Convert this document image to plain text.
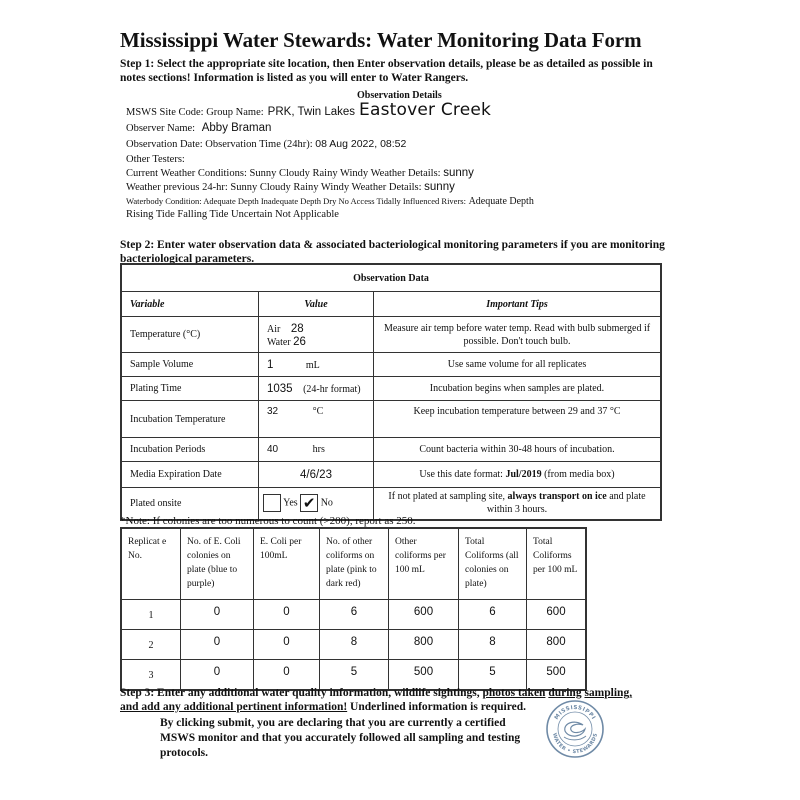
Observation Details
Mississippi Water Stewards: Water Monitoring Data Form
Step 1: Select the appropriate site location, then Enter observation details, please be as detailed as possible in notes sections! Information is listed as you will enter to Water Rangers.
MSWS Site Code: Group Name: PRK, Twin Lakes Eastover Creek
Observer Name: Abby Braman
Observation Date: Observation Time (24hr): 08 Aug 2022, 08:52
Other Testers:
Current Weather Conditions: Sunny Cloudy Rainy Windy Weather Details: sunny
Weather previous 24-hr: Sunny Cloudy Rainy Windy Weather Details: sunny
Waterbody Condition: Adequate Depth Inadequate Depth Dry No Access Tidally Influenced Rivers: Adequate Depth
Rising Tide Falling Tide Uncertain Not Applicable
Step 2: Enter water observation data & associated bacteriological monitoring parameters if you are monitoring bacteriological parameters.
Observation Data		
Variable	Value	Important Tips
Temperature (°C)	Air 28
Water 26	Measure air temp before water temp. Read with bulb submerged if possible. Don't touch bulb.
Sample Volume	1 mL	Use same volume for all replicates
Plating Time	1035 (24-hr format)	Incubation begins when samples are plated.
Incubation Temperature	32 °C	Keep incubation temperature between 29 and 37 °C
Incubation Periods	40 hrs	Count bacteria within 30-48 hours of incubation.
Media Expiration Date	4/6/23	Use this date format: Jul/2019 (from media box)
Plated onsite	Yes ✔ No	If not plated at sampling site, always transport on ice and plate within 3 hours.
*Note: If colonies are too numerous to count (>200), report as 250.
Replicat e No.	No. of E. Coli colonies on plate (blue to purple)	E. Coli per 100mL	No. of other coliforms on plate (pink to dark red)	Other coliforms per 100 mL	Total Coliforms (all colonies on plate)	Total Coliforms per 100 mL
1	0	0	6	600	6	600
2	0	0	8	800	8	800
3	0	0	5	500	5	500
Step 3: Enter any additional water quality information, wildlife sightings, photos taken during sampling,
and add any additional pertinent information! Underlined information is required.
By clicking submit, you are declaring that you are currently a certified MSWS monitor and that you accurately followed all sampling and testing protocols.
MISSISSIPPI
WATER • STEWARDS
